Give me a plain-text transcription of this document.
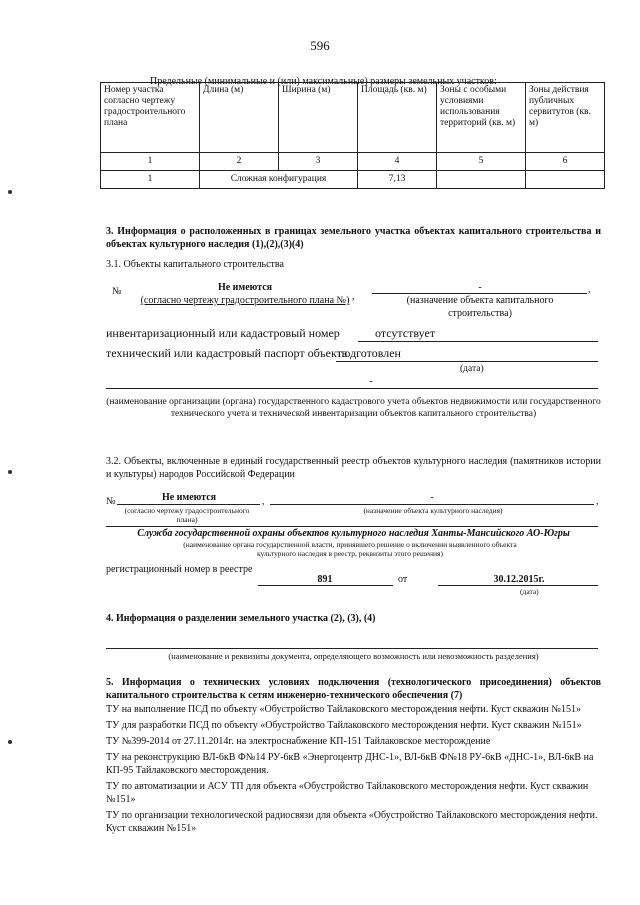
596
Предельные (минимальные и (или) максимальные) размеры земельных участков:
Номер участка согласно чертежу градостроительного плана	Длина (м)	Ширина (м)	Площадь (кв. м)	Зоны с особыми условиями использования территорий (кв. м)	Зоны действия публичных сервитутов (кв. м)
1	2	3	4	5	6
1	Сложная конфигурация		7,13		
3. Информация о расположенных в границах земельного участка объектах капитального строительства и объектах культурного наследия (1),(2),(3)(4)
3.1. Объекты капитального строительства
№	Не имеются
(согласно чертежу градостроительного плана №) ,
-	,
(назначение объекта капитального строительства)
инвентаризационный или кадастровый номер	отсутствует
технический или кадастровый паспорт объекта
подготовлен
(дата)
-
(наименование организации (органа) государственного кадастрового учета объектов недвижимости или государственного технического учета и технической инвентаризации объектов капитального строительства)
3.2. Объекты, включенные в единый государственный реестр объектов культурного наследия (памятников истории и культуры) народов Российской Федерации
№	Не имеются
(согласно чертежу градостроительного плана)
,	-	,
(назначение объекта культурного наследия)
Служба государственной охраны объектов культурного наследия Ханты-Мансийского АО-Югры
(наименование органа государственной власти, принявшего решение о включении выявленного объекта культурного наследия в реестр, реквизиты этого решения)
регистрационный номер в реестре
891	от	30.12.2015г.
(дата)
4. Информация о разделении земельного участка (2), (3), (4)
(наименование и реквизиты документа, определяющего возможность или невозможность разделения)
5. Информация о технических условиях подключения (технологического присоединения) объектов капитального строительства к сетям инженерно-технического обеспечения (7)
ТУ на выполнение ПСД по объекту «Обустройство Тайлаковского месторождения нефти. Куст скважин №151»
ТУ для разработки ПСД по объекту «Обустройство Тайлаковского месторождения нефти. Куст скважин №151»
ТУ №399-2014 от 27.11.2014г. на электроснабжение КП-151 Тайлаковское месторождение
ТУ на реконструкцию ВЛ-6кВ Ф№14 РУ-6кВ «Энергоцентр ДНС-1», ВЛ-6кВ Ф№18 РУ-6кВ «ДНС-1», ВЛ-6кВ на КП-95 Тайлаковского месторождения.
ТУ по автоматизации и АСУ ТП для объекта «Обустройство Тайлаковского месторождения нефти. Куст скважин №151»
ТУ по организации технологической радиосвязи для объекта «Обустройство Тайлаковского месторождения нефти. Куст скважин №151»
